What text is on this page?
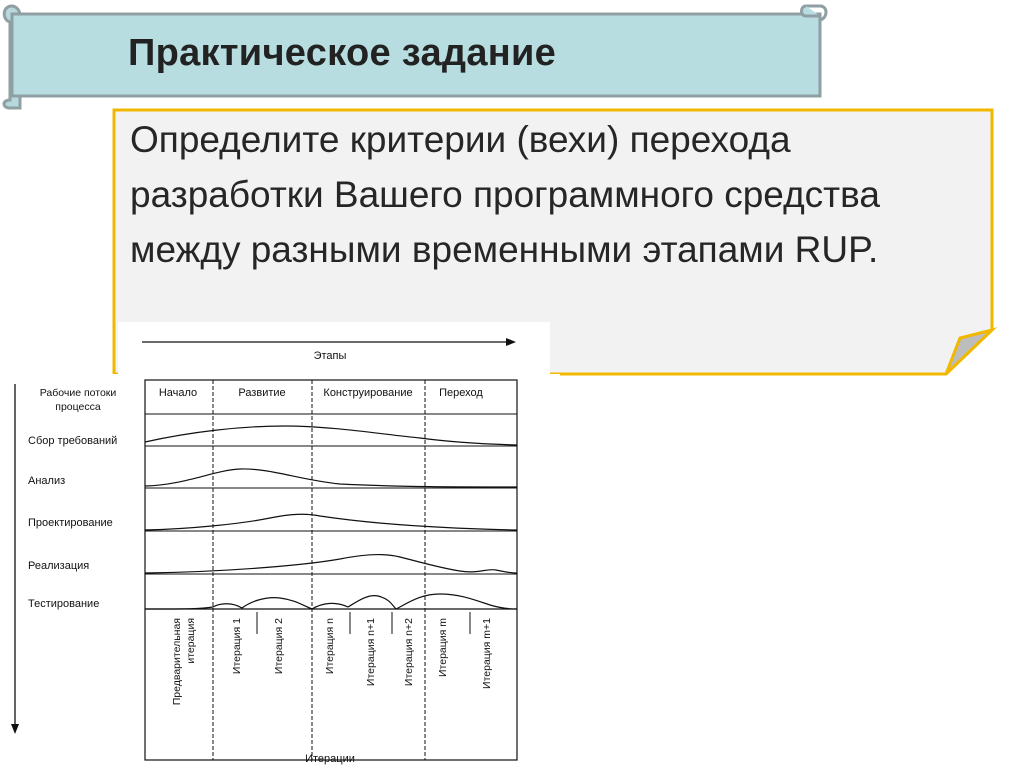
Практическое задание
Определите критерии (вехи) перехода разработки Вашего программного средства между разными временными этапами RUP.
Этапы
Рабочие потоки
процесса
Начало	Развитие	Конструирование Переход
Сбор требований
Анализ
Проектирование
Реализация
Тестирование
Предварительная итерация	Итерация 1	Итерация 2	Итерация n	Итерация n+1 Итерация n+2 Итерация m	Итерация m+1
Итерации
